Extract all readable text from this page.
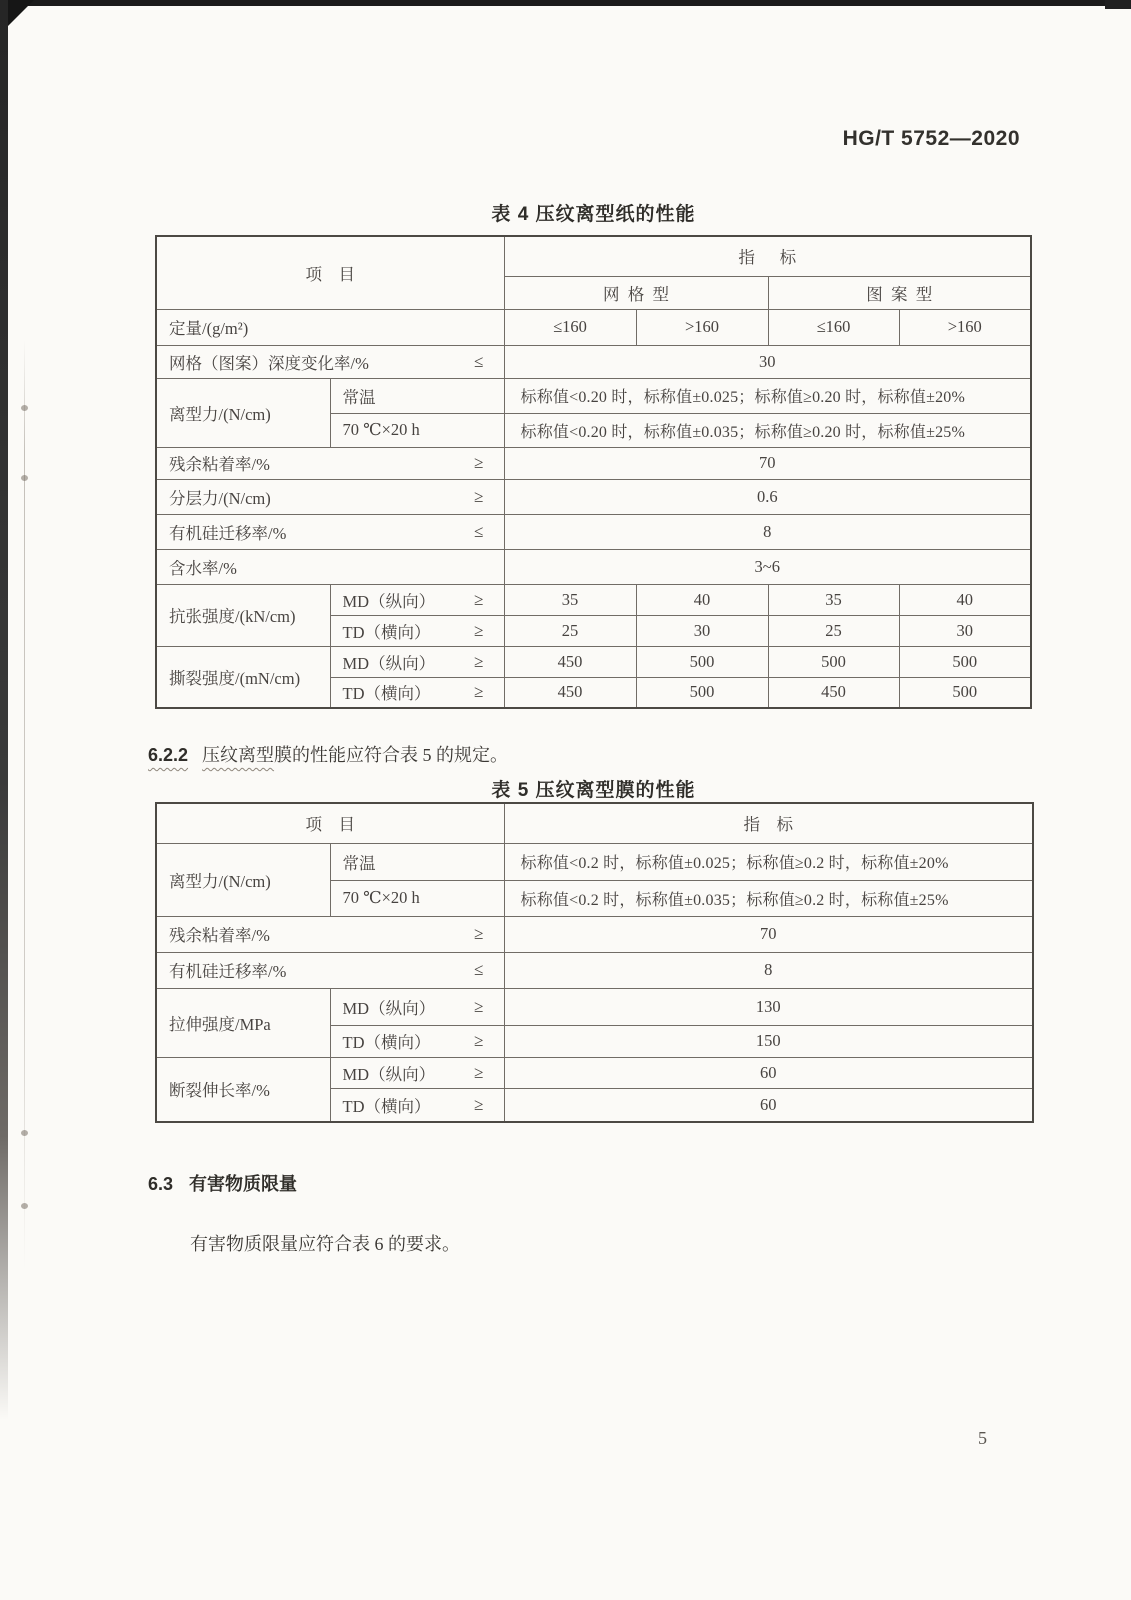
HG/T 5752—2020
表 4 压纹离型纸的性能
项    目		指      标			
		网  格  型		图  案  型	
定量/(g/m²)		≤160	>160	≤160	>160

网格（图案）深度变化率/% ≤		30			
离型力/(N/cm)	常温	标称值<0.20 时，标称值±0.025；标称值≥0.20 时，标称值±20%			
	70 ℃×20 h	标称值<0.20 时，标称值±0.035；标称值≥0.20 时，标称值±25%			

残余粘着率/% ≥		70			

分层力/(N/cm) ≥		0.6			

有机硅迁移率/% ≤		8			
含水率/%		3~6			
抗张强度/(kN/cm)	MD（纵向） ≥	35	40	35	40

	TD（横向） ≥	25	30	25	30
撕裂强度/(mN/cm)	MD（纵向） ≥	450	500	500	500

	TD（横向） ≥	450	500	450	500
6.2.2 压纹离型膜的性能应符合表 5 的规定。
表 5 压纹离型膜的性能
项    目		指    标
离型力/(N/cm)	常温	标称值<0.2 时，标称值±0.025；标称值≥0.2 时，标称值±20%
	70 ℃×20 h	标称值<0.2 时，标称值±0.035；标称值≥0.2 时，标称值±25%

残余粘着率/% ≥		70

有机硅迁移率/% ≤		8
拉伸强度/MPa	MD（纵向） ≥	130

	TD（横向） ≥	150
断裂伸长率/%	MD（纵向） ≥	60

	TD（横向） ≥	60
6.3 有害物质限量
有害物质限量应符合表 6 的要求。
5
